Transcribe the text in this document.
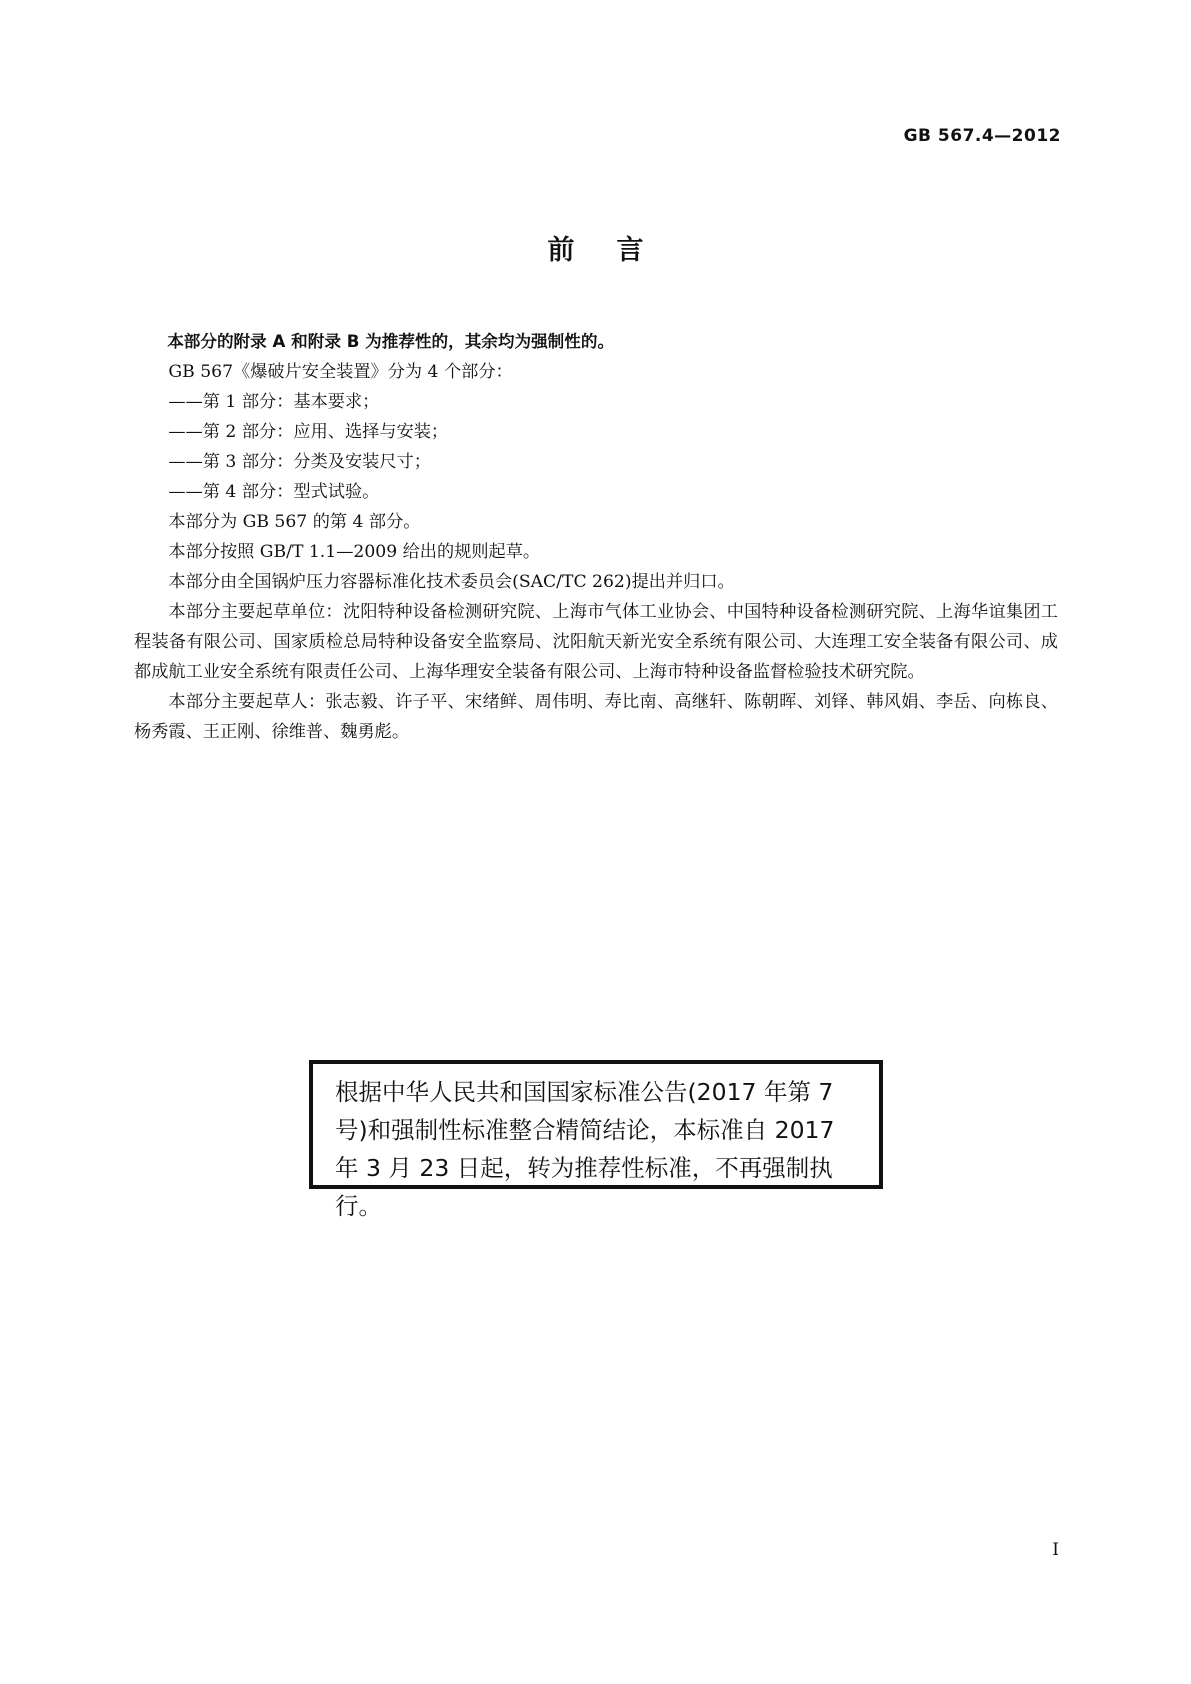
GB 567.4—2012
前言

本部分的附录 A 和附录 B 为推荐性的，其余均为强制性的。

GB 567《爆破片安全装置》分为 4 个部分：

——第 1 部分：基本要求；

——第 2 部分：应用、选择与安装；

——第 3 部分：分类及安装尺寸；

——第 4 部分：型式试验。

本部分为 GB 567 的第 4 部分。

本部分按照 GB/T 1.1—2009 给出的规则起草。

本部分由全国锅炉压力容器标准化技术委员会(SAC/TC 262)提出并归口。

本部分主要起草单位：沈阳特种设备检测研究院、上海市气体工业协会、中国特种设备检测研究院、上海华谊集团工程装备有限公司、国家质检总局特种设备安全监察局、沈阳航天新光安全系统有限公司、大连理工安全装备有限公司、成都成航工业安全系统有限责任公司、上海华理安全装备有限公司、上海市特种设备监督检验技术研究院。

本部分主要起草人：张志毅、许子平、宋绪鲜、周伟明、寿比南、高继轩、陈朝晖、刘铎、韩风娟、李岳、向栋良、杨秀霞、王正刚、徐维普、魏勇彪。

根据中华人民共和国国家标准公告(2017 年第 7 号)和强制性标准整合精简结论，本标准自 2017 年 3 月 23 日起，转为推荐性标准，不再强制执行。
I
